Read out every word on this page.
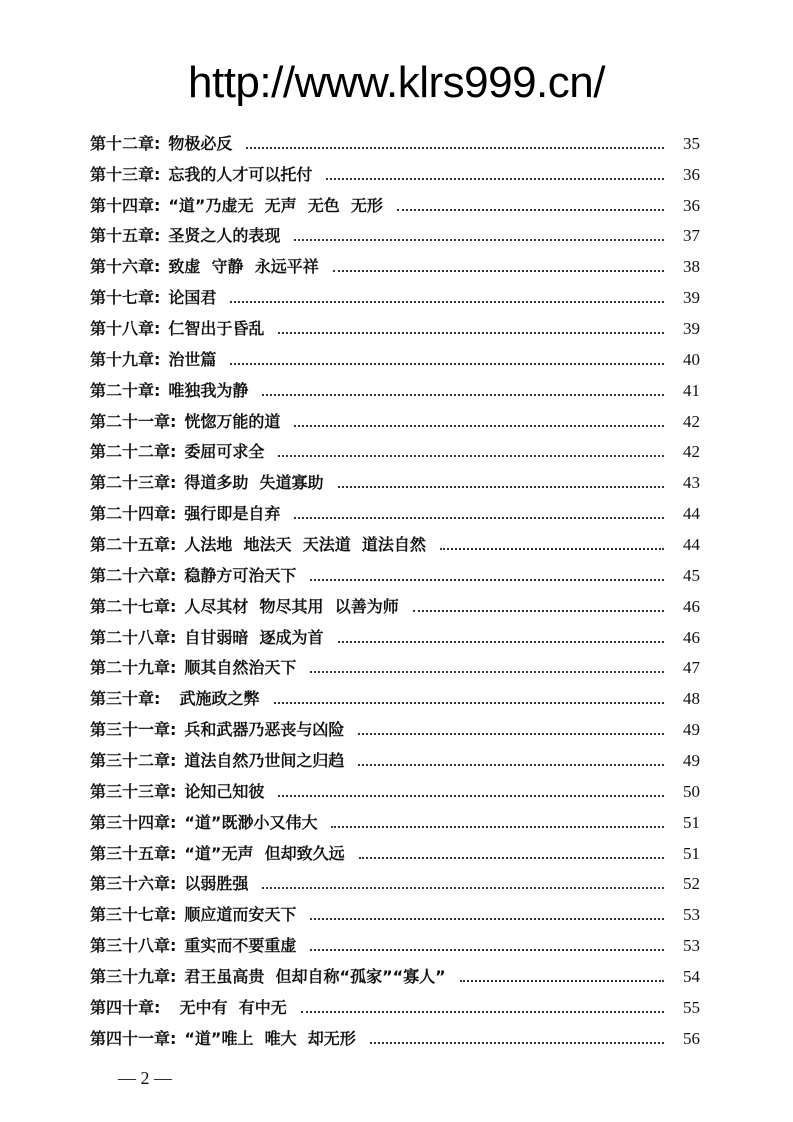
http://www.klrs999.cn/
第十二章: 物极必反	35
第十三章: 忘我的人才可以托付	36
第十四章: “道”乃虚无  无声  无色  无形	36
第十五章: 圣贤之人的表现	37
第十六章: 致虚  守静  永远平祥	38
第十七章: 论国君	39
第十八章: 仁智出于昏乱	39
第十九章: 治世篇	40
第二十章: 唯独我为静	41
第二十一章: 恍惚万能的道	42
第二十二章: 委屈可求全	42
第二十三章: 得道多助  失道寡助	43
第二十四章: 强行即是自弃	44
第二十五章: 人法地  地法天  天法道  道法自然	44
第二十六章: 稳静方可治天下	45
第二十七章: 人尽其材  物尽其用  以善为师	46
第二十八章: 自甘弱暗  逐成为首	46
第二十九章: 顺其自然治天下	47
第三十章: 武施政之弊	48
第三十一章: 兵和武器乃恶丧与凶险	49
第三十二章: 道法自然乃世间之归趋	49
第三十三章: 论知己知彼	50
第三十四章: “道”既渺小又伟大	51
第三十五章: “道”无声  但却致久远	51
第三十六章: 以弱胜强	52
第三十七章: 顺应道而安天下	53
第三十八章: 重实而不要重虚	53
第三十九章: 君王虽高贵  但却自称“孤家”“寡人”	54
第四十章: 无中有  有中无	55
第四十一章: “道”唯上  唯大  却无形	56
— 2 —
